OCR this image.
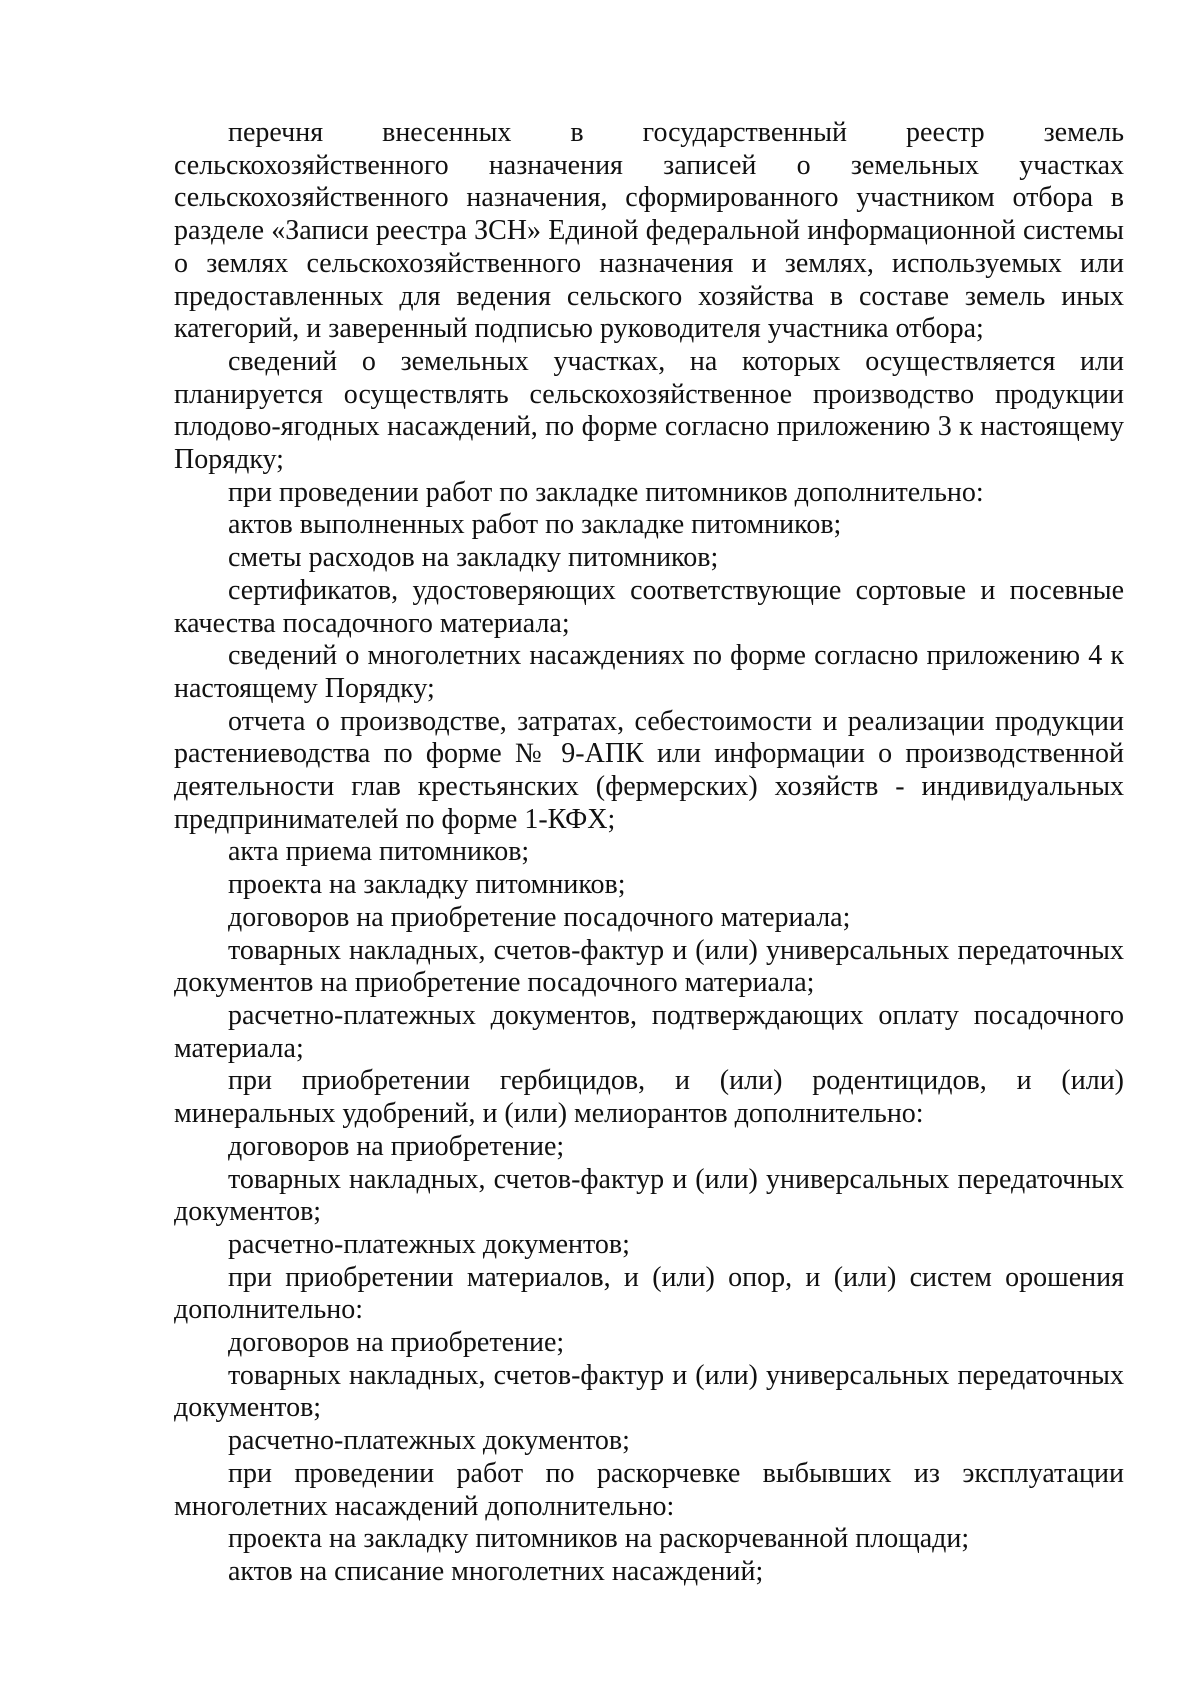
перечня внесенных в государственный реестр земель сельскохозяйственного назначения записей о земельных участках сельскохозяйственного назначения, сформированного участником отбора в разделе «Записи реестра ЗСН» Единой федеральной информационной системы о землях сельскохозяйственного назначения и землях, используемых или предоставленных для ведения сельского хозяйства в составе земель иных категорий, и заверенный подписью руководителя участника отбора;

сведений о земельных участках, на которых осуществляется или планируется осуществлять сельскохозяйственное производство продукции плодово-ягодных насаждений, по форме согласно приложению 3 к настоящему Порядку;

при проведении работ по закладке питомников дополнительно:

актов выполненных работ по закладке питомников;

сметы расходов на закладку питомников;

сертификатов, удостоверяющих соответствующие сортовые и посевные качества посадочного материала;

сведений о многолетних насаждениях по форме согласно приложению 4 к настоящему Порядку;

отчета о производстве, затратах, себестоимости и реализации продукции растениеводства по форме № 9-АПК или информации о производственной деятельности глав крестьянских (фермерских) хозяйств - индивидуальных предпринимателей по форме 1-КФХ;

акта приема питомников;

проекта на закладку питомников;

договоров на приобретение посадочного материала;

товарных накладных, счетов-фактур и (или) универсальных передаточных документов на приобретение посадочного материала;

расчетно-платежных документов, подтверждающих оплату посадочного материала;

при приобретении гербицидов, и (или) родентицидов, и (или) минеральных удобрений, и (или) мелиорантов дополнительно:

договоров на приобретение;

товарных накладных, счетов-фактур и (или) универсальных передаточных документов;

расчетно-платежных документов;

при приобретении материалов, и (или) опор, и (или) систем орошения дополнительно:

договоров на приобретение;

товарных накладных, счетов-фактур и (или) универсальных передаточных документов;

расчетно-платежных документов;

при проведении работ по раскорчевке выбывших из эксплуатации многолетних насаждений дополнительно:

проекта на закладку питомников на раскорчеванной площади;

актов на списание многолетних насаждений;
